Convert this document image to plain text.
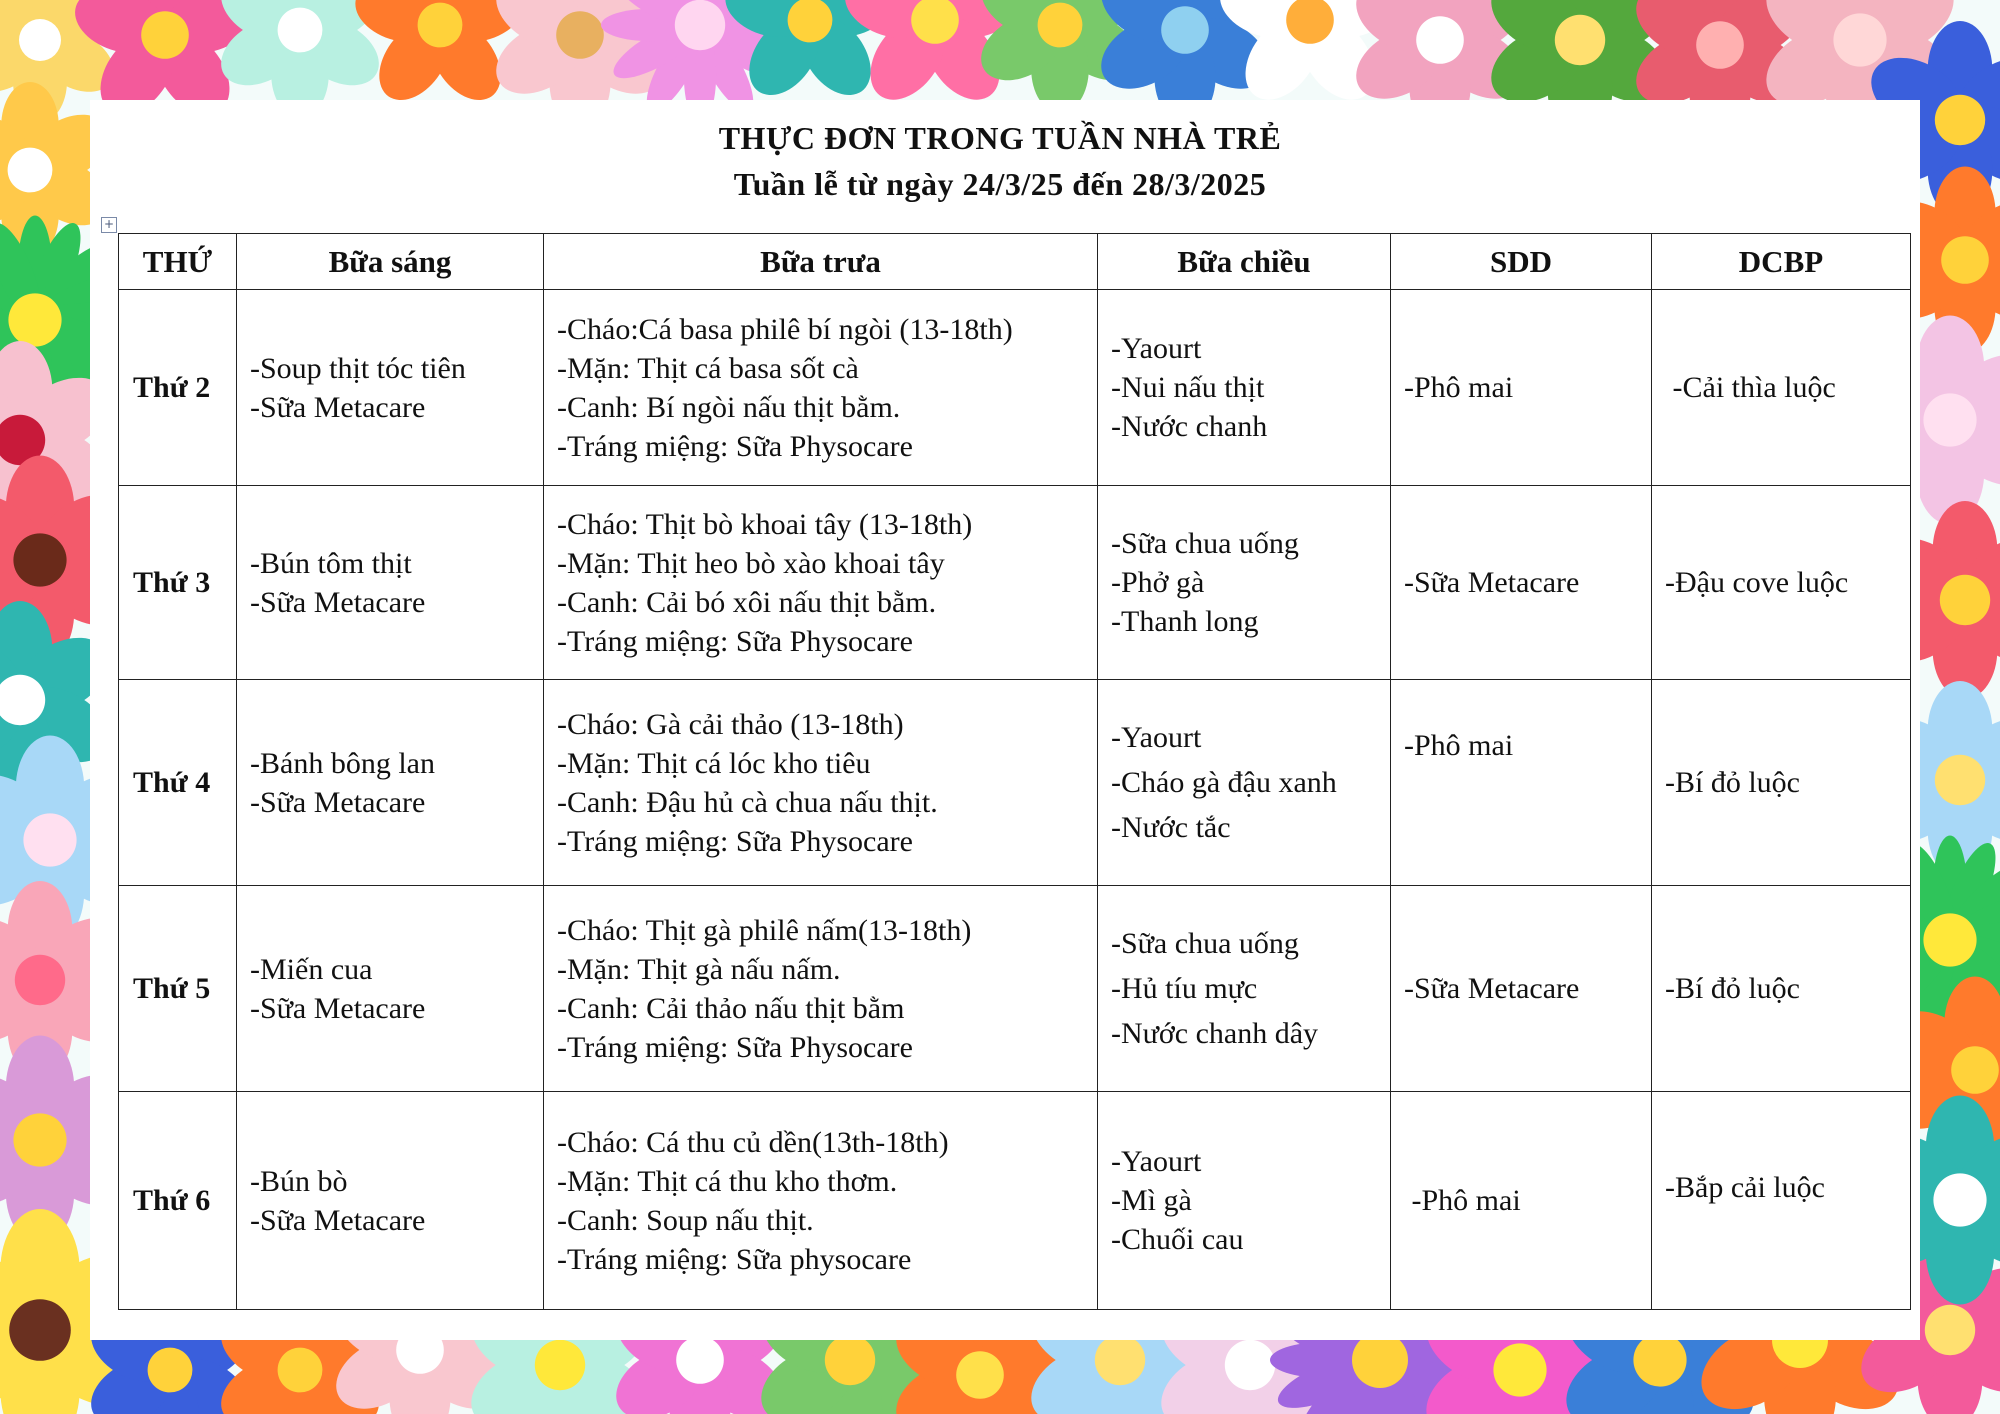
THỰC ĐƠN TRONG TUẦN NHÀ TRẺ
Tuần lễ từ ngày 24/3/25 đến 28/3/2025
+
THỨ	Bữa sáng	Bữa trưa	Bữa chiều	SDD	DCBP
Thứ 2	-Soup thịt tóc tiên
-Sữa Metacare	-Cháo:Cá basa philê bí ngòi (13-18th)
-Mặn: Thịt cá basa sốt cà
-Canh: Bí ngòi nấu thịt bằm.
-Tráng miệng: Sữa Physocare	-Yaourt
-Nui nấu thịt
-Nước chanh	-Phô mai	-Cải thìa luộc

Thứ 3	-Bún tôm thịt
-Sữa Metacare	-Cháo: Thịt bò khoai tây (13-18th)
-Mặn: Thịt heo bò xào khoai tây
-Canh: Cải bó xôi nấu thịt bằm.
-Tráng miệng: Sữa Physocare	-Sữa chua uống
-Phở gà
-Thanh long	-Sữa Metacare	-Đậu cove luộc

Thứ 4	-Bánh bông lan
-Sữa Metacare	-Cháo: Gà cải thảo (13-18th)
-Mặn: Thịt cá lóc kho tiêu
-Canh: Đậu hủ cà chua nấu thịt.
-Tráng miệng: Sữa Physocare	-Yaourt
-Cháo gà đậu xanh
-Nước tắc	-Phô mai	-Bí đỏ luộc

Thứ 5	-Miến cua
-Sữa Metacare	-Cháo: Thịt gà philê nấm(13-18th)
-Mặn: Thịt gà nấu nấm.
-Canh: Cải thảo nấu thịt bằm
-Tráng miệng: Sữa Physocare	-Sữa chua uống
-Hủ tíu mực
-Nước chanh dây	-Sữa Metacare	-Bí đỏ luộc

Thứ 6	-Bún bò
-Sữa Metacare	-Cháo: Cá thu củ dền(13th-18th)
-Mặn: Thịt cá thu kho thơm.
-Canh: Soup nấu thịt.
-Tráng miệng: Sữa physocare	-Yaourt
-Mì gà
-Chuối cau	-Phô mai	-Bắp cải luộc
